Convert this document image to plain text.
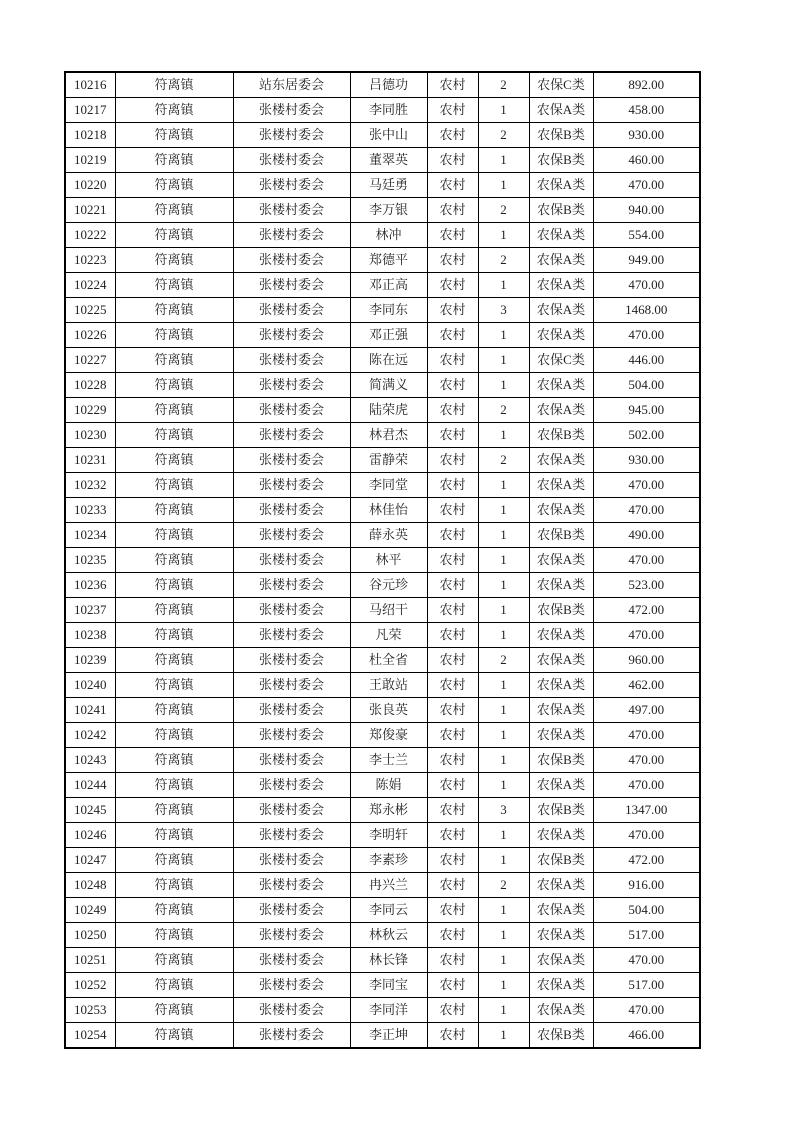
10216	符离镇	站东居委会	吕德功	农村	2	农保C类	892.00
10217	符离镇	张楼村委会	李同胜	农村	1	农保A类	458.00
10218	符离镇	张楼村委会	张中山	农村	2	农保B类	930.00
10219	符离镇	张楼村委会	董翠英	农村	1	农保B类	460.00
10220	符离镇	张楼村委会	马廷勇	农村	1	农保A类	470.00
10221	符离镇	张楼村委会	李万银	农村	2	农保B类	940.00
10222	符离镇	张楼村委会	林冲	农村	1	农保A类	554.00
10223	符离镇	张楼村委会	郑德平	农村	2	农保A类	949.00
10224	符离镇	张楼村委会	邓正高	农村	1	农保A类	470.00
10225	符离镇	张楼村委会	李同东	农村	3	农保A类	1468.00
10226	符离镇	张楼村委会	邓正强	农村	1	农保A类	470.00
10227	符离镇	张楼村委会	陈在远	农村	1	农保C类	446.00
10228	符离镇	张楼村委会	简满义	农村	1	农保A类	504.00
10229	符离镇	张楼村委会	陆荣虎	农村	2	农保A类	945.00
10230	符离镇	张楼村委会	林君杰	农村	1	农保B类	502.00
10231	符离镇	张楼村委会	雷静荣	农村	2	农保A类	930.00
10232	符离镇	张楼村委会	李同堂	农村	1	农保A类	470.00
10233	符离镇	张楼村委会	林佳怡	农村	1	农保A类	470.00
10234	符离镇	张楼村委会	薛永英	农村	1	农保B类	490.00
10235	符离镇	张楼村委会	林平	农村	1	农保A类	470.00
10236	符离镇	张楼村委会	谷元珍	农村	1	农保A类	523.00
10237	符离镇	张楼村委会	马绍干	农村	1	农保B类	472.00
10238	符离镇	张楼村委会	凡荣	农村	1	农保A类	470.00
10239	符离镇	张楼村委会	杜全省	农村	2	农保A类	960.00
10240	符离镇	张楼村委会	王敢站	农村	1	农保A类	462.00
10241	符离镇	张楼村委会	张良英	农村	1	农保A类	497.00
10242	符离镇	张楼村委会	郑俊豪	农村	1	农保A类	470.00
10243	符离镇	张楼村委会	李士兰	农村	1	农保B类	470.00
10244	符离镇	张楼村委会	陈娟	农村	1	农保A类	470.00
10245	符离镇	张楼村委会	郑永彬	农村	3	农保B类	1347.00
10246	符离镇	张楼村委会	李明轩	农村	1	农保A类	470.00
10247	符离镇	张楼村委会	李素珍	农村	1	农保B类	472.00
10248	符离镇	张楼村委会	冉兴兰	农村	2	农保A类	916.00
10249	符离镇	张楼村委会	李同云	农村	1	农保A类	504.00
10250	符离镇	张楼村委会	林秋云	农村	1	农保A类	517.00
10251	符离镇	张楼村委会	林长锋	农村	1	农保A类	470.00
10252	符离镇	张楼村委会	李同宝	农村	1	农保A类	517.00
10253	符离镇	张楼村委会	李同洋	农村	1	农保A类	470.00
10254	符离镇	张楼村委会	李正坤	农村	1	农保B类	466.00
